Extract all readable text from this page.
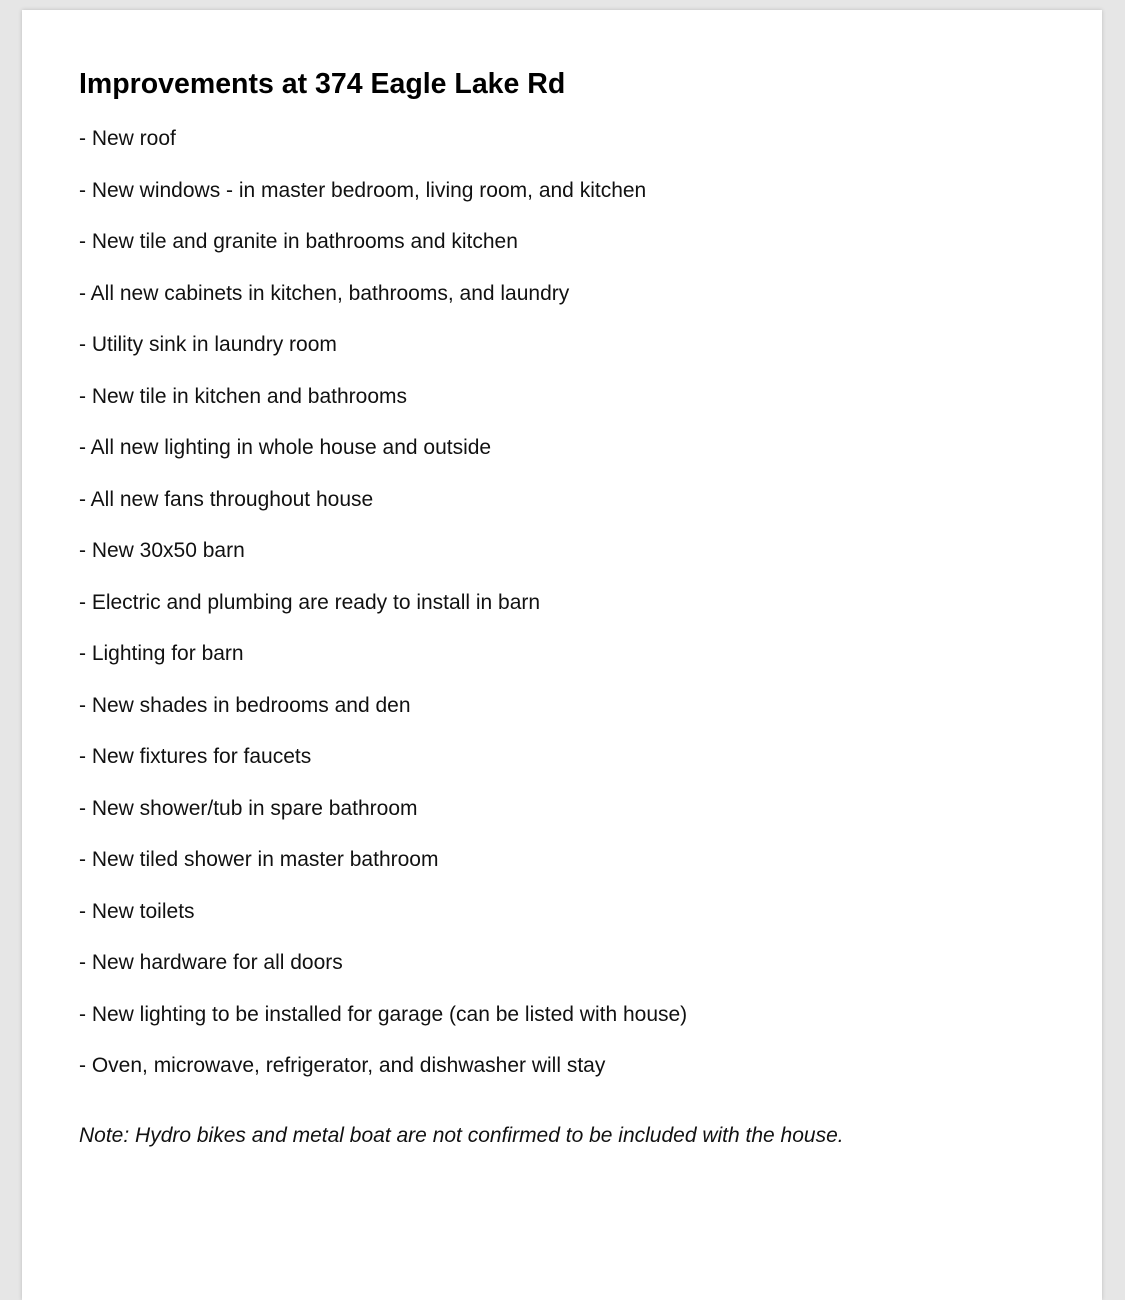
Improvements at 374 Eagle Lake Rd
- New roof
- New windows - in master bedroom, living room, and kitchen
- New tile and granite in bathrooms and kitchen
- All new cabinets in kitchen, bathrooms, and laundry
- Utility sink in laundry room
- New tile in kitchen and bathrooms
- All new lighting in whole house and outside
- All new fans throughout house
- New 30x50 barn
- Electric and plumbing are ready to install in barn
- Lighting for barn
- New shades in bedrooms and den
- New fixtures for faucets
- New shower/tub in spare bathroom
- New tiled shower in master bathroom
- New toilets
- New hardware for all doors
- New lighting to be installed for garage (can be listed with house)
- Oven, microwave, refrigerator, and dishwasher will stay

Note: Hydro bikes and metal boat are not confirmed to be included with the house.
